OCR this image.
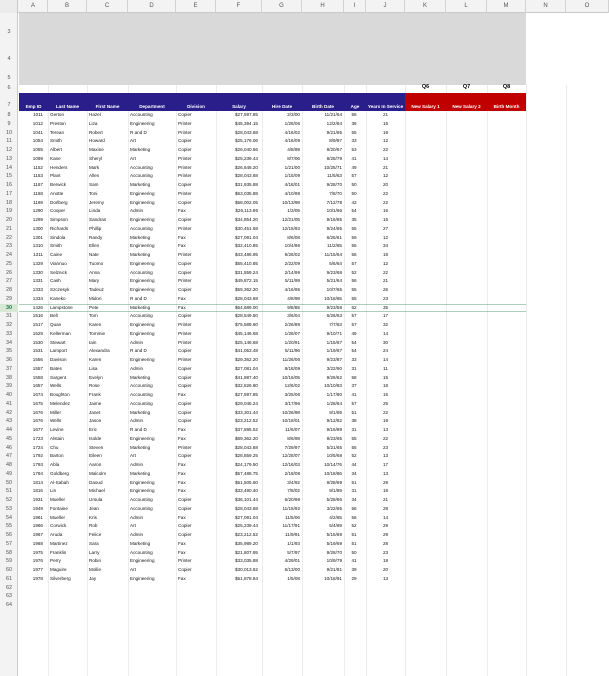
A	B	C	D	E	F	G	H	I	J	K	L	M	N	O
3
4
5
6
8
9
10
11
12
13
14
15
16
17
18
19
20
21
22
23
24
25
26
27
28
29
30
31
32
33
34
35
36
37
38
39
40
41
42
43
44
45
46
47
48
49
50
51
52
53
54
55
56
57
58
59
60
61
62
63
64
7
Q6	Q7	Q8
Emp ID	Last Name	First Name	Department	Division	Salary	Hire Date	Birth Date	Age	Years In Service	New Salary 1	New Salary 2	Birth Month
1011 Gerton	Hazel	Accounting	Copier	$27,597.85	2/3/00	11/21/64	56	21
1012 Preston	Liza	Engineering	Printer	$45,394.15	1/26/06	12/2/84	36	15
1041 Terean	Robert	R and D	Printer	$28,043.68	4/16/02	9/21/65	55	19
1054 Smith	Howard	Art	Copier	$25,176.06	4/16/09	8/9/87	33	12
1055 Albert	Maxine	Marketing	Copier	$26,040.56	4/8/99	8/20/67	53	22
1099 Kane	Sheryl	Art	Printer	$25,239.44	8/7/06	8/28/79	41	14
1152 Henders	Mark	Accounting	Printer	$26,646.20	1/21/00	10/25/71	49	21
1153 Plant	Allen	Accounting	Printer	$28,043.68	1/15/09	11/5/63	57	12
1167 Berwick	Sam	Marketing	Copier	$31,935.88	4/18/01	9/28/70	50	20
1168 Anotte	Toni	Engineering	Printer	$63,035.88	4/10/99	7/8/70	50	22
1169 Dorlberg	Jeremy	Engineering	Copier	$58,002.05	10/13/98	7/12/78	42	22
1290 Cooper	Linda	Admin	Fax	$26,113.86	1/3/05	10/1/66	54	16
1299 Simpson	Sandras	Engineering	Copier	$34,854.20	12/21/05	9/16/85	35	15
1300 Richards	Phillip	Accounting	Printer	$30,451.68	12/15/93	9/24/65	55	27
1301 Sindola	Randy	Marketing	Fax	$27,081.04	8/6/08	6/25/61	59	12
1310 Smith	Ellen	Engineering	Fax	$32,410.85	10/4/86	11/2/65	55	34
1311 Caine	Nate	Marketing	Printer	$43,486.95	9/26/02	11/15/64	56	18
1329 Viannuo	Tuomo	Engineering	Copier	$55,410.85	2/22/09	5/6/64	57	12
1330 Selznick	Anna	Accounting	Copier	$31,559.24	2/14/99	9/23/68	52	22
1331 Cash	Mary	Engineering	Printer	$49,872.15	5/11/99	5/21/64	56	21
1333 Szczesyk	Tadeuz	Engineering	Copier	$59,362.20	4/16/95	10/7/65	55	26
1334 Kaneko	Midori	R and D	Fax	$28,043.68	4/8/98	10/18/65	55	23
1426 Lampstone	Pete	Marketing	Fax	$64,689.00	9/8/85	9/23/58	62	35
1516 Bell	Tom	Accounting	Copier	$28,549.50	3/6/04	6/26/63	57	17
1517 Quan	Karen	Engineering	Printer	$75,589.60	2/26/89	7/7/63	57	32
1529 Kellerman	Tommie	Engineering	Printer	$45,146.68	1/28/07	9/10/71	49	14
1530 Stewart	Iain	Admin	Printer	$25,146.68	1/20/91	1/15/67	54	30
1531 Lamport	Alexandra	R and D	Copier	$41,053.48	5/11/96	1/19/67	54	24
1556 Davison	Karen	Engineering	Printer	$29,362.20	11/26/06	9/23/87	33	14
1557 Bates	Lisa	Admin	Copier	$27,081.04	8/18/09	3/22/90	31	11
1558 Sargent	Evelyn	Marketing	Copier	$41,987.40	10/16/05	9/26/62	58	15
1657 Wells	Rose	Accounting	Copier	$32,626.80	12/6/02	10/10/83	37	18
1674 Boughton	Frank	Accounting	Fax	$27,597.85	3/25/06	1/17/80	41	15
1675 Melendez	Jaime	Accounting	Copier	$29,045.24	3/17/96	1/28/64	57	25
1676 Miller	Janet	Marketing	Copier	$33,301.44	10/26/98	9/1/69	51	22
1676 Wells	Jason	Admin	Copier	$23,212.52	10/18/01	9/12/82	38	19
1677 Levine	Eric	R and D	Fax	$37,895.52	11/6/07	9/16/89	31	13
1723 Alstain	Isolde	Engineering	Fax	$69,362.20	8/6/98	9/23/65	55	22
1724 Chu	Steven	Marketing	Printer	$28,043.68	7/29/97	5/21/65	55	23
1792 Barton	Eileen	Art	Copier	$28,859.25	12/28/07	10/5/68	52	13
1793 Abla	Aaron	Admin	Fax	$24,179.50	12/16/03	10/14/76	44	17
1794 Goldberg	Malcolm	Marketing	Fax	$57,488.75	2/18/08	10/18/86	34	13
1814 Al-Sabah	Daoud	Engineering	Fax	$51,505.60	3/4/92	9/28/69	51	29
1816 Lin	Michael	Engineering	Fax	$33,480.40	7/8/02	9/1/89	31	18
1931 Mueller	Ursula	Accounting	Copier	$36,101.44	6/20/99	5/28/86	34	21
1949 Fontaine	Jean	Accounting	Copier	$28,043.68	11/15/92	3/22/65	56	28
1961 Mueller	Kris	Admin	Fax	$27,081.04	11/5/06	4/2/65	56	14
1966 Corwick	Rob	Art	Copier	$25,239.44	11/17/91	5/4/69	52	29
1967 Aruda	Felice	Admin	Copier	$23,212.52	11/9/91	5/15/69	51	29
1968 Martinez	Sara	Marketing	Fax	$35,989.20	1/1/93	5/19/69	51	28
1975 Franklin	Larry	Accounting	Fax	$21,807.95	5/7/97	9/28/70	50	23
1976 Perry	Robin	Engineering	Printer	$33,035.88	4/29/01	10/9/79	41	19
1977 Maguire	Mollie	Art	Copier	$30,013.62	6/13/00	9/21/81	39	20
1978 Silverberg	Jay	Engineering	Fax	$51,878.84	1/5/08	10/18/91	29	13
